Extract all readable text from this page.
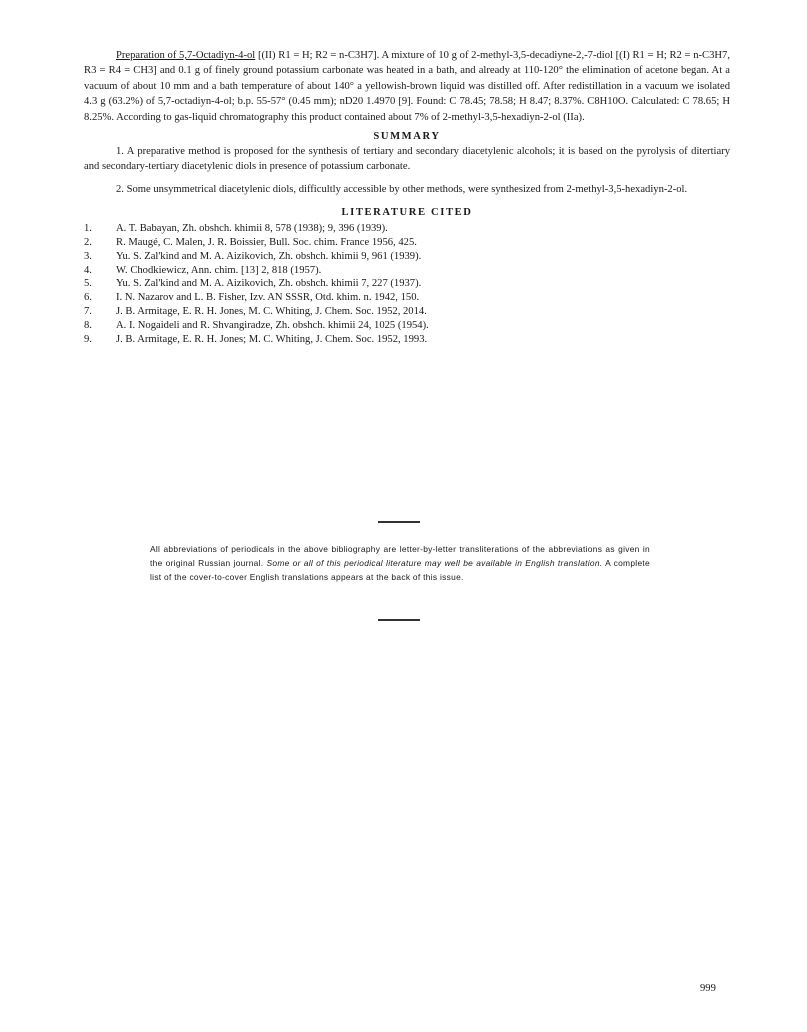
Preparation of 5,7-Octadiyn-4-ol [(II) R1 = H; R2 = n-C3H7]. A mixture of 10 g of 2-methyl-3,5-decadiyne-2,-7-diol [(I) R1 = H; R2 = n-C3H7, R3 = R4 = CH3] and 0.1 g of finely ground potassium carbonate was heated in a bath, and already at 110-120° the elimination of acetone began. At a vacuum of about 10 mm and a bath temperature of about 140° a yellowish-brown liquid was distilled off. After redistillation in a vacuum we isolated 4.3 g (63.2%) of 5,7-octadiyn-4-ol; b.p. 55-57° (0.45 mm); nD20 1.4970 [9]. Found: C 78.45; 78.58; H 8.47; 8.37%. C8H10O. Calculated: C 78.65; H 8.25%. According to gas-liquid chromatography this product contained about 7% of 2-methyl-3,5-hexadiyn-2-ol (IIa).

SUMMARY

1. A preparative method is proposed for the synthesis of tertiary and secondary diacetylenic alcohols; it is based on the pyrolysis of ditertiary and secondary-tertiary diacetylenic diols in presence of potassium carbonate.

2. Some unsymmetrical diacetylenic diols, difficultly accessible by other methods, were synthesized from 2-methyl-3,5-hexadiyn-2-ol.

LITERATURE CITED
1.	A. T. Babayan, Zh. obshch. khimii 8, 578 (1938); 9, 396 (1939).
2.	R. Maugé, C. Malen, J. R. Boissier, Bull. Soc. chim. France 1956, 425.
3.	Yu. S. Zal'kind and M. A. Aizikovich, Zh. obshch. khimii 9, 961 (1939).
4.	W. Chodkiewicz, Ann. chim. [13] 2, 818 (1957).
5.	Yu. S. Zal'kind and M. A. Aizikovich, Zh. obshch. khimii 7, 227 (1937).
6.	I. N. Nazarov and L. B. Fisher, Izv. AN SSSR, Otd. khim. n. 1942, 150.
7.	J. B. Armitage, E. R. H. Jones, M. C. Whiting, J. Chem. Soc. 1952, 2014.
8.	A. I. Nogaideli and R. Shvangiradze, Zh. obshch. khimii 24, 1025 (1954).
9.	J. B. Armitage, E. R. H. Jones; M. C. Whiting, J. Chem. Soc. 1952, 1993.

All abbreviations of periodicals in the above bibliography are letter-by-letter transliterations of the abbreviations as given in the original Russian journal. Some or all of this periodical literature may well be available in English translation. A complete list of the cover-to-cover English translations appears at the back of this issue.

999
